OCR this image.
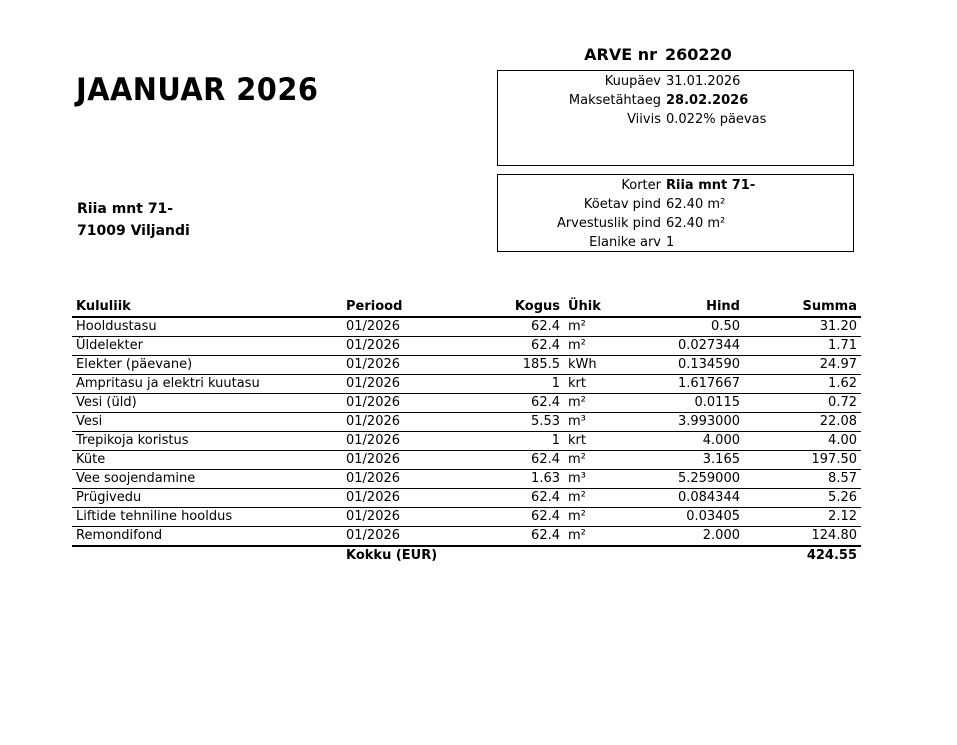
JAANUAR 2026
ARVE nr 260220
Kuupäev 31.01.2026
Maksetähtaeg 28.02.2026
Viivis 0.022% päevas
Korter Riia mnt 71-
Köetav pind 62.40 m²
Arvestuslik pind 62.40 m²
Elanike arv 1
Riia mnt 71-
71009 Viljandi
Kululiik	Periood	Kogus	Ühik	Hind	Summa
Hooldustasu	01/2026	62.4	m²	0.50	31.20
Üldelekter	01/2026	62.4	m²	0.027344	1.71
Elekter (päevane)	01/2026	185.5	kWh	0.134590	24.97
Ampritasu ja elektri kuutasu	01/2026	1	krt	1.617667	1.62
Vesi (üld)	01/2026	62.4	m²	0.0115	0.72
Vesi	01/2026	5.53	m³	3.993000	22.08
Trepikoja koristus	01/2026	1	krt	4.000	4.00
Küte	01/2026	62.4	m²	3.165	197.50
Vee soojendamine	01/2026	1.63	m³	5.259000	8.57
Prügivedu	01/2026	62.4	m²	0.084344	5.26
Liftide tehniline hooldus	01/2026	62.4	m²	0.03405	2.12
Remondifond	01/2026	62.4	m²	2.000	124.80
	Kokku (EUR)				424.55
